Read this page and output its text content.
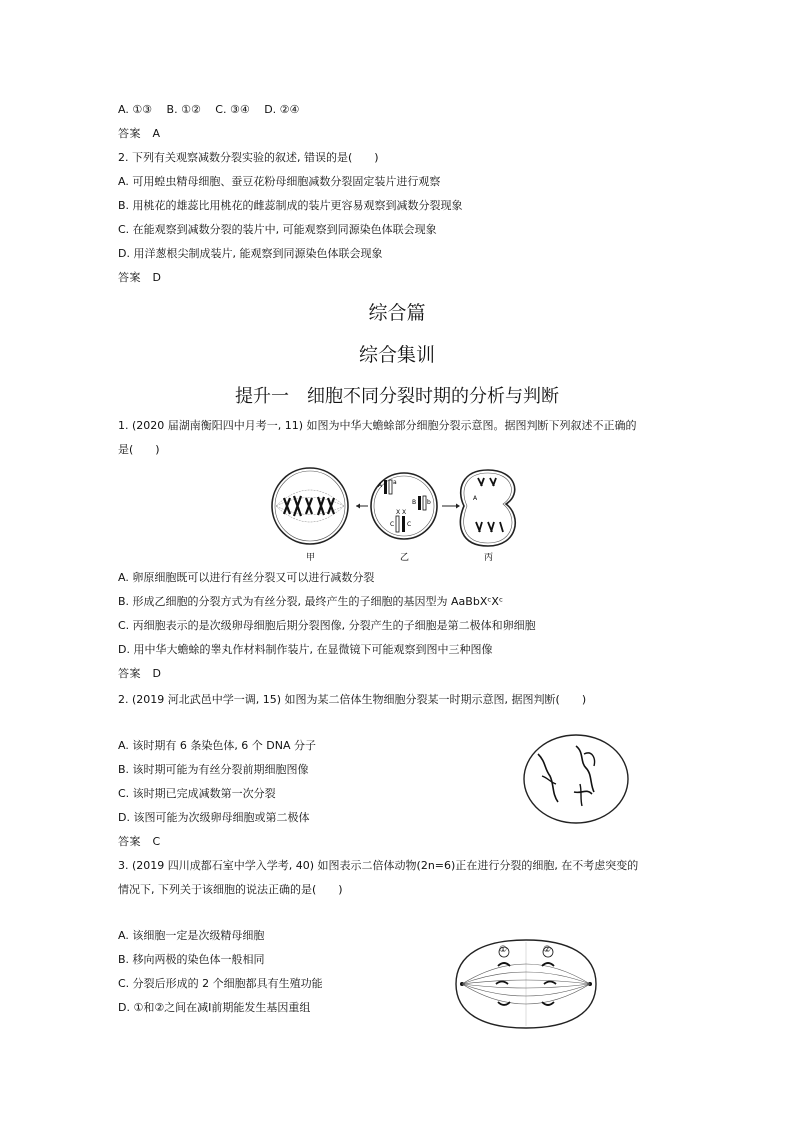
A. ①③　 B. ①②　 C. ③④　 D. ②④
答案　A
2. 下列有关观察减数分裂实验的叙述, 错误的是(　　)
A. 可用蝗虫精母细胞、蚕豆花粉母细胞减数分裂固定装片进行观察
B. 用桃花的雄蕊比用桃花的雌蕊制成的装片更容易观察到减数分裂现象
C. 在能观察到减数分裂的装片中, 可能观察到同源染色体联会现象
D. 用洋葱根尖制成装片, 能观察到同源染色体联会现象
答案　D
综合篇
综合集训
提升一　细胞不同分裂时期的分析与判断
1. (2020 届湖南衡阳四中月考一, 11) 如图为中华大蟾蜍部分细胞分裂示意图。据图判断下列叙述不正确的
是(　　)
甲
A a
B b
X X
C C
乙
A
丙
A. 卵原细胞既可以进行有丝分裂又可以进行减数分裂
B. 形成乙细胞的分裂方式为有丝分裂, 最终产生的子细胞的基因型为 AaBbXᶜXᶜ
C. 丙细胞表示的是次级卵母细胞后期分裂图像, 分裂产生的子细胞是第二极体和卵细胞
D. 用中华大蟾蜍的睾丸作材料制作装片, 在显微镜下可能观察到图中三种图像
答案　D
2. (2019 河北武邑中学一调, 15) 如图为某二倍体生物细胞分裂某一时期示意图, 据图判断(　　)
A. 该时期有 6 条染色体, 6 个 DNA 分子
B. 该时期可能为有丝分裂前期细胞图像
C. 该时期已完成减数第一次分裂
D. 该图可能为次级卵母细胞或第二极体
答案　C
3. (2019 四川成都石室中学入学考, 40) 如图表示二倍体动物(2n=6)正在进行分裂的细胞, 在不考虑突变的
情况下, 下列关于该细胞的说法正确的是(　　)
①	②
A. 该细胞一定是次级精母细胞
B. 移向两极的染色体一般相同
C. 分裂后形成的 2 个细胞都具有生殖功能
D. ①和②之间在减Ⅰ前期能发生基因重组
